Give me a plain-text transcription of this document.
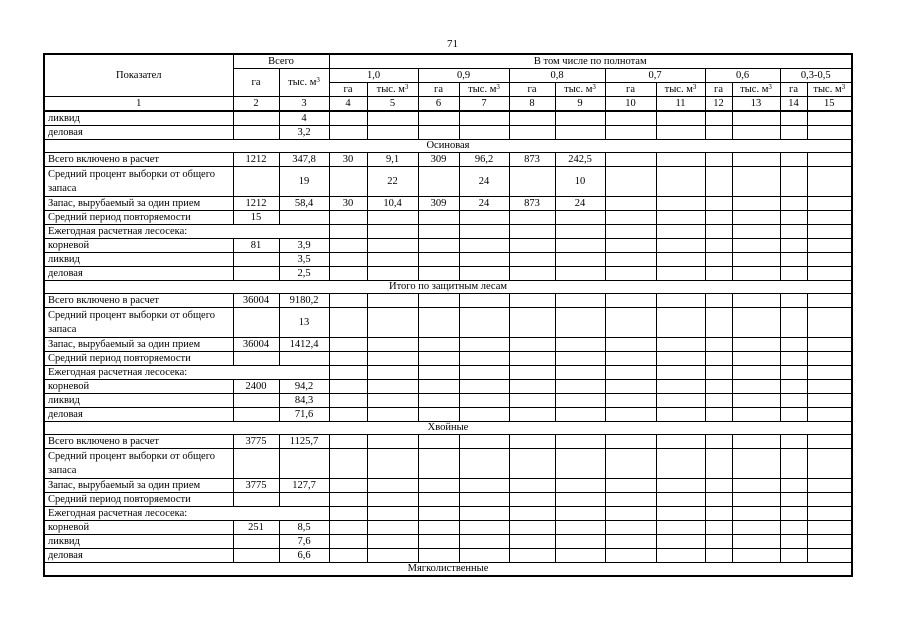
71
Показател	Всего		В том числе по полнотам											
	га	тыс. $м^3$	1,0		0,9		0,8		0,7		0,6		0,3-0,5	
			га	тыс. $м^3$	га	тыс. $м^3$	га	тыс. $м^3$	га	тыс. $м^3$	га	тыс. $м^3$	га	тыс. $м^3$
1	2	3	4	5	6	7	8	9	10	11	12	13	14	15
ликвид		4												
деловая		3,2												
Осиновая														
Всего включено в расчет	1212	347,8	30	9,1	309	96,2	873	242,5						
Средний процент выборки от общего запаса		19		22		24		10						
Запас, вырубаемый за один прием	1212	58,4	30	10,4	309	24	873	24						
Средний период повторяемости	15													
Ежегодная расчетная лесосека:														
корневой	81	3,9												
ликвид		3,5												
деловая		2,5												
Итого по защитным лесам														
Всего включено в расчет	36004	9180,2												
Средний процент выборки от общего запаса		13												
Запас, вырубаемый за один прием	36004	1412,4												
Средний период повторяемости														
Ежегодная расчетная лесосека:														
корневой	2400	94,2												
ликвид		84,3												
деловая		71,6												
Хвойные														
Всего включено в расчет	3775	1125,7												
Средний процент выборки от общего запаса														
Запас, вырубаемый за один прием	3775	127,7												
Средний период повторяемости														
Ежегодная расчетная лесосека:														
корневой	251	8,5												
ликвид		7,6												
деловая		6,6												
Мягколиственные														
